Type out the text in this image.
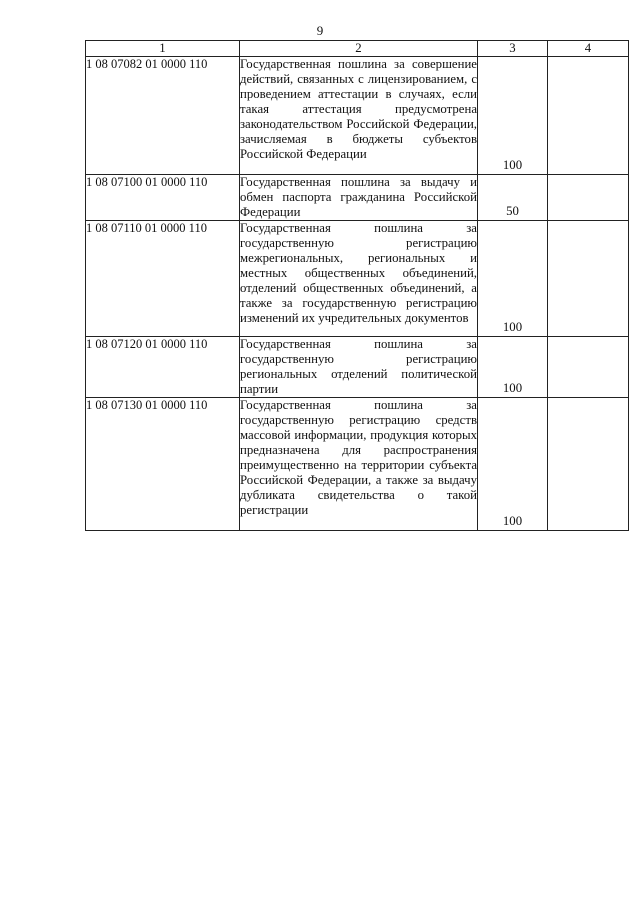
9
1	2	3	4
1 08 07082 01 0000 110	Государственная пошлина за совершение действий, связанных с лицензированием, с проведением аттестации в случаях, если такая аттестация предусмотрена законодательством Российской Федерации, зачисляемая в бюджеты субъектов Российской Федерации	100	

1 08 07100 01 0000 110	Государственная пошлина за выдачу и обмен паспорта гражданина Российской Федерации	50	

1 08 07110 01 0000 110	Государственная пошлина за государственную регистрацию межрегиональных, региональных и местных общественных объединений, отделений общественных объединений, а также за государственную регистрацию изменений их учредительных документов	100	

1 08 07120 01 0000 110	Государственная пошлина за государственную регистрацию региональных отделений политической партии	100	

1 08 07130 01 0000 110	Государственная пошлина за государственную регистрацию средств массовой информации, продукция которых предназначена для распространения преимущественно на территории субъекта Российской Федерации, а также за выдачу дубликата свидетельства о такой регистрации	100	
